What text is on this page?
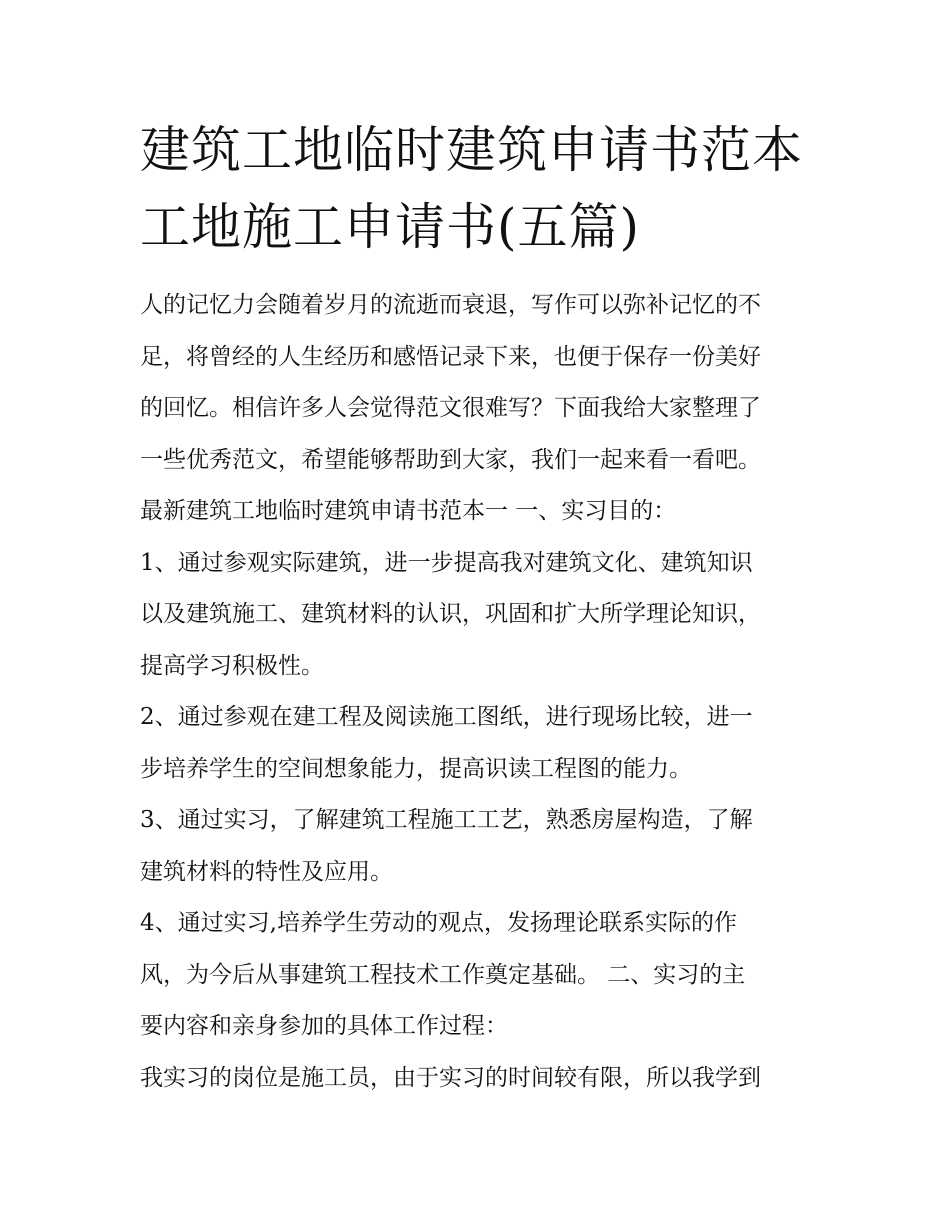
建筑工地临时建筑申请书范本
工地施工申请书(五篇)
人的记忆力会随着岁月的流逝而衰退，写作可以弥补记忆的不
足，将曾经的人生经历和感悟记录下来，也便于保存一份美好
的回忆。相信许多人会觉得范文很难写？下面我给大家整理了
一些优秀范文，希望能够帮助到大家，我们一起来看一看吧。
最新建筑工地临时建筑申请书范本一 一、实习目的：
1、通过参观实际建筑，进一步提高我对建筑文化、建筑知识
以及建筑施工、建筑材料的认识，巩固和扩大所学理论知识，
提高学习积极性。
2、通过参观在建工程及阅读施工图纸，进行现场比较，进一
步培养学生的空间想象能力，提高识读工程图的能力。
3、通过实习，了解建筑工程施工工艺，熟悉房屋构造，了解
建筑材料的特性及应用。
4、通过实习,培养学生劳动的观点，发扬理论联系实际的作
风，为今后从事建筑工程技术工作奠定基础。 二、实习的主
要内容和亲身参加的具体工作过程：
我实习的岗位是施工员，由于实习的时间较有限，所以我学到
